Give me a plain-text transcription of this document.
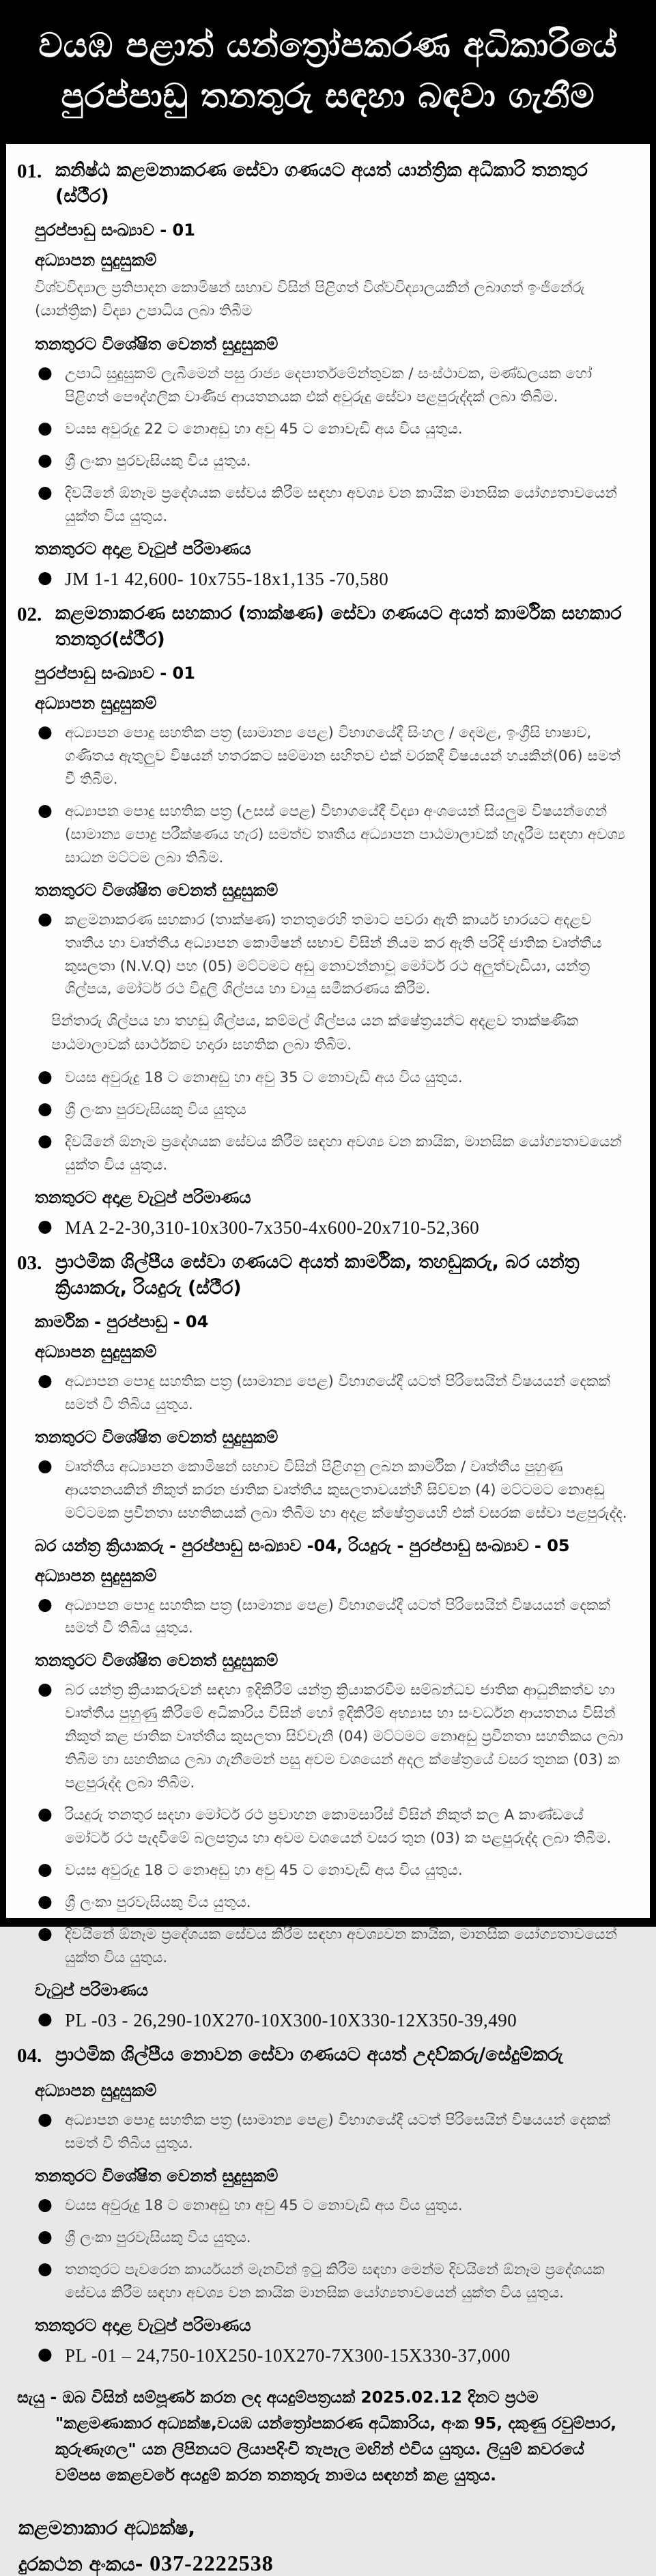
වයඹ පළාත් යන්ත්‍රෝපකරණ අධිකාරියේ
පුරප්පාඩු තනතුරු සඳහා බඳවා ගැනීම
01. කනිෂ්ඨ කළමනාකරණ සේවා ගණයට අයත් යාන්ත්‍රික අධිකාරි තනතුර (ස්ථීර)
පුරප්පාඩු සංඛ්‍යාව - 01
අධ්‍යාපන සුදුසුකම්
විශ්වවිද්‍යාල ප්‍රතිපාදන කොමිෂන් සභාව විසින් පිළිගත් විශ්වවිද්‍යාලයකින් ලබාගත් ඉංජිනේරු (යාන්ත්‍රික) විද්‍යා උපාධිය ලබා තිබීම
තනතුරට විශේෂිත වෙනත් සුදුසුකම්
● උපාධි සුදුසුකම් ලැබීමෙන් පසු රාජ්‍ය දෙපාර්තමේන්තුවක / සංස්ථාවක, මණ්ඩලයක හෝ පිළිගත් පෞද්ගලික වාණිජ ආයතනයක එක් අවුරුදු සේවා පළපුරුද්දක් ලබා තිබීම.
● වයස අවුරුදු 22 ට නොඅඩු හා අවු 45 ට නොවැඩි අය විය යුතුය.
● ශ්‍රී ලංකා පුරවැසියකු විය යුතුය.
● දිවයිනේ ඕනෑම ප්‍රදේශයක සේවය කිරීම සඳහා අවශ්‍ය වන කායික මානසික යෝග්‍යතාවයෙන් යුක්ත විය යුතුය.
තනතුරට අදාළ වැටුප් පරිමාණය
● JM 1-1 42,600- 10x755-18x1,135 -70,580
02. කළමනාකරණ සහකාර (තාක්ෂණ) සේවා ගණයට අයත් කාර්මික සහකාර තනතුර(ස්ථීර)
පුරප්පාඩු සංඛ්‍යාව - 01
අධ්‍යාපන සුදුසුකම්
● අධ්‍යාපන පොදු සහතික පත්‍ර (සාමාන්‍ය පෙළ) විභාගයේදී සිංහල / දෙමළ, ඉංග්‍රීසි භාෂාව, ගණිතය ඇතුලුව විෂයන් හතරකට සම්මාන සහිතව එක් වරකදී විෂයයන් හයකින්(06) සමත් වී තිබීම.
● අධ්‍යාපන පොදු සහතික පත්‍ර (උසස් පෙළ) විභාගයේදී විද්‍යා අංශයෙන් සියලුම විෂයන්ගෙන් (සාමාන්‍ය පොදු පරීක්ෂණය හැර) සමත්ව තෘතීය අධ්‍යාපන පාඨමාලාවක් හැදෑරීම සඳහා අවශ්‍ය සාධන මට්ටම ලබා තිබීම.
තනතුරට විශේෂිත වෙනත් සුදුසුකම්
● කළමනාකරණ සහකාර (තාක්ෂණ) තනතුරෙහි තමාට පවරා ඇති කාර්ය භාරයට අදළව තෘතීය හා වෘත්තීය අධ්‍යාපන කොමිෂන් සභාව විසින් නියම කර ඇති පරිදි ජාතික වෘත්තීය කුසලතා (N.V.Q) පහ (05) මට්ටමට අඩු නොවන්නාවූ මෝටර් රථ අලුත්වැඩියා, යන්ත්‍ර ශිල්පය, මෝටර් රථ විදුලි ශිල්පය හා වායු සමීකරණය කිරීම.
පින්තාරු ශිල්පය හා තහඩු ශිල්පය, කම්මල් ශිල්පය යන ක්ෂේත්‍රයන්ට අදළව තාක්ෂණීක පාඨමාලාවක් සාර්ථකව හදාරා සහතික ලබා තිබීම.
● වයස අවුරුදු 18 ට නොඅඩු හා අවු 35 ට නොවැඩි අය විය යුතුය.
● ශ්‍රී ලංකා පුරවැසියකු විය යුතුය
● දිවයිනේ ඕනෑම ප්‍රදේශයක සේවය කිරීම සඳහා අවශ්‍ය වන කායික, මානසික යෝග්‍යතාවයෙන් යුක්ත විය යුතුය.
තනතුරට අදාළ වැටුප් පරිමාණය
● MA 2-2-30,310-10x300-7x350-4x600-20x710-52,360
03. ප්‍රාථමික ශිල්පීය සේවා ගණයට අයත් කාර්මික, තහඩුකරු, බර යන්ත්‍ර ක්‍රියාකරු, රියදුරු (ස්ථීර)
කාර්මික - පුරප්පාඩු - 04
අධ්‍යාපන සුදුසුකම්
● අධ්‍යාපන පොදු සහතික පත්‍ර (සාමාන්‍ය පෙළ) විභාගයේදී යටත් පිරිසෙයින් විෂයයන් දෙකක් සමත් වී තිබිය යුතුය.
තනතුරට විශේෂිත වෙනත් සුදුසුකම්
● වෘත්තීය අධ්‍යාපන කොමිෂන් සභාව විසින් පිළිගනු ලබන කාර්මික / වෘත්තීය පුහුණු ආයතනයකින් නිකුත් කරන ජාතික වෘත්තීය කුසලතාවයන්හී සිව්වන (4) මට්ටමට නොඅඩු මට්ටමක ප්‍රවීනතා සහතිකයක් ලබා තිබීම හා අදළ ක්ෂේත්‍රයෙහි එක් වසරක සේවා පළපුරුද්ද.
බර යන්ත්‍ර ක්‍රියාකරු - පුරප්පාඩු සංඛ්‍යාව -04, රියදුරු - පුරප්පාඩු සංඛ්‍යාව - 05
අධ්‍යාපන සුදුසුකම්
● අධ්‍යාපන පොදු සහතික පත්‍ර (සාමාන්‍ය පෙළ) විභාගයේදී යටත් පිරිසෙයින් විෂයයන් දෙකක් සමත් වී තිබිය යුතුය.
තනතුරට විශේෂිත වෙනත් සුදුසුකම්
● බර යන්ත්‍ර ක්‍රියාකරුවන් සඳහා ඉදිකිරීම් යන්ත්‍ර ක්‍රියාකරවීම සම්බන්ධව ජාතික ආධුනිකත්ව හා වෘත්තීය පුහුණු කිරීමේ අධිකාරිය විසින් හෝ ඉදිකිරීම් අභ්‍යාස හා සංවර්ධන ආයතනය විසින් නිකුත් කළ ජාතික වෘත්තීය කුසලතා සිව්වැනි (04) මට්ටමට නොඅඩු ප්‍රවීනතා සහතිකය ලබා තිබීම හා සහතිකය ලබා ගැනීමෙන් පසු අවම වශයෙන් අදල ක්ෂේත්‍රයේ වසර තුනක (03) ක පළපුරුද්ද ලබා තිබීම.
● රියදුරු තනතුර සදහා මෝටර් රථ ප්‍රවාහන කොමසාරිස් විසින් නිකුත් කල A කාණ්ඩයේ මෝටර් රථ පැදවීමේ බලපත්‍රය හා අවම වශයෙන් වසර තුන (03) ක පළපුරුද්ද ලබා තිබීම.
● වයස අවුරුදු 18 ට නොඅඩු හා අවු 45 ට නොවැඩි අය විය යුතුය.
● ශ්‍රී ලංකා පුරවැසියකු විය යුතුය.
● දිවයිනේ ඕනෑම ප්‍රදේශයක සේවය කිරීම සඳහා අවශ්‍යවන කායික, මානසික යෝග්‍යතාවයෙන් යුක්ත විය යුතුය.
වැටුප් පරිමාණය
● PL -03 - 26,290-10X270-10X300-10X330-12X350-39,490
04. ප්‍රාථමික ශිල්පීය නොවන සේවා ගණයට අයත් උදව්කරු/සේදුම්කරු
අධ්‍යාපන සුදුසුකම්
● අධ්‍යාපන පොදු සහතික පත්‍ර (සාමාන්‍ය පෙළ) විභාගයේදී යටත් පිරිසෙයින් විෂයයන් දෙකක් සමත් වී තිබිය යුතුය.
තනතුරට විශේෂිත වෙනත් සුදුසුකම්
● වයස අවුරුදු 18 ට නොඅඩු හා අවු 45 ට නොවැඩි අය විය යුතුය.
● ශ්‍රී ලංකා පුරවැසියකු විය යුතුය.
● තනතුරට පැවරෙන කාර්යයන් මැනවින් ඉටු කිරීම සඳහා මෙන්ම දිවයිනේ ඕනෑම ප්‍රදේශයක සේවය කිරීම සඳහා අවශ්‍ය වන කායික මානසික යෝග්‍යතාවයෙන් යුක්ත විය යුතුය.
තනතුරට අදාළ වැටුප් පරිමාණය
● PL -01 – 24,750-10X250-10X270-7X300-15X330-37,000

සැයු - ඔබ විසින් සම්පූර්ණ කරන ලද අයදුම්පත්‍රයක් 2025.02.12 දිනට ප්‍රථම "කළමණාකාර අධ්‍යක්ෂ,වයඹ යන්ත්‍රෝපකරණ අධිකාරිය, අංක 95, දකුණු රවුම්පාර, කුරුණෑගල" යන ලිපිනයට ලියාපදිංචි තැපෑල මඟින් එවිය යුතුය. ලියුම් කවරයේ වම්පස කෙළවරේ අයදුම් කරන තනතුරු නාමය සඳහන් කළ යුතුය.

කළමනාකාර අධ්‍යක්ෂ,
දුරකථන අංකය- 037-2222538
